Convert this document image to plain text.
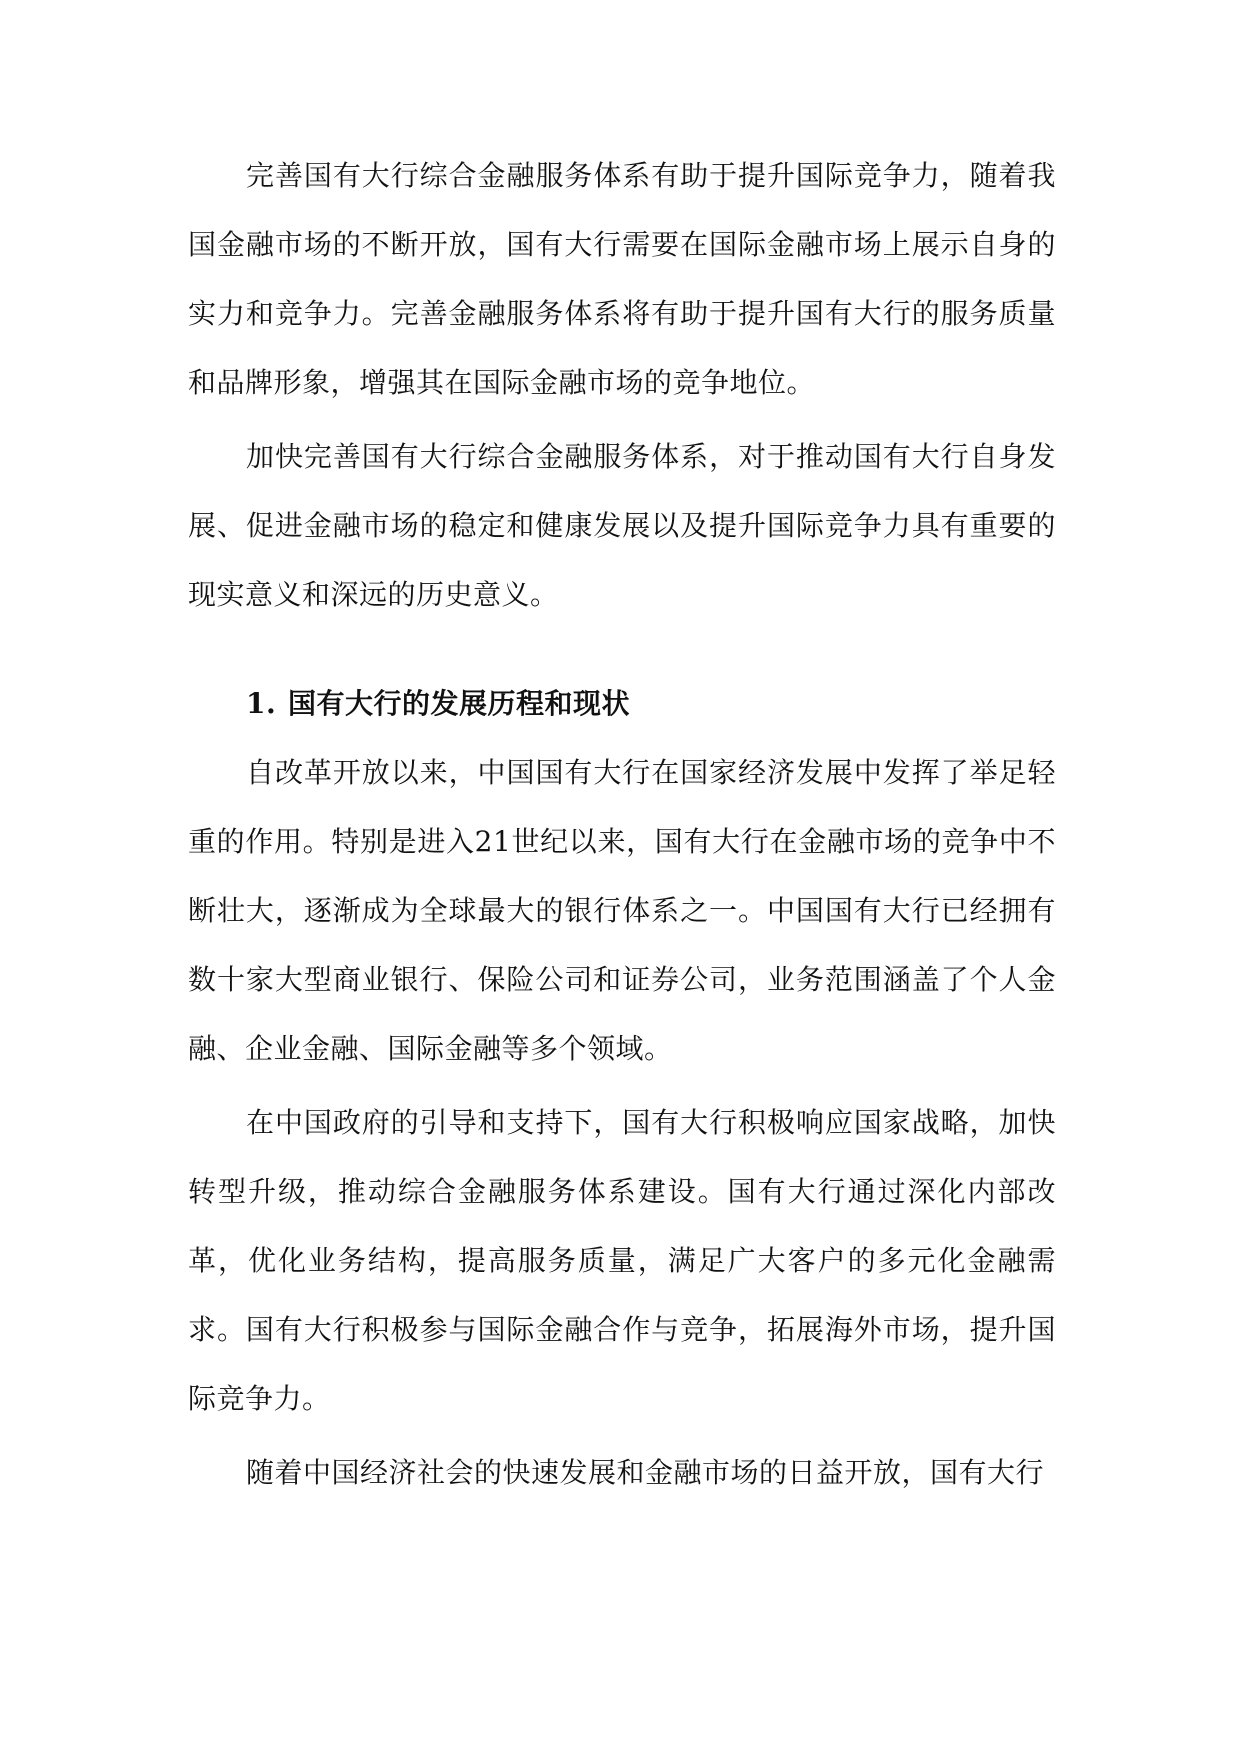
完善国有大行综合金融服务体系有助于提升国际竞争力，随着我国金融市场的不断开放，国有大行需要在国际金融市场上展示自身的实力和竞争力。完善金融服务体系将有助于提升国有大行的服务质量和品牌形象，增强其在国际金融市场的竞争地位。

加快完善国有大行综合金融服务体系，对于推动国有大行自身发展、促进金融市场的稳定和健康发展以及提升国际竞争力具有重要的现实意义和深远的历史意义。

1. 国有大行的发展历程和现状

自改革开放以来，中国国有大行在国家经济发展中发挥了举足轻重的作用。特别是进入21世纪以来，国有大行在金融市场的竞争中不断壮大，逐渐成为全球最大的银行体系之一。中国国有大行已经拥有数十家大型商业银行、保险公司和证券公司，业务范围涵盖了个人金融、企业金融、国际金融等多个领域。

在中国政府的引导和支持下，国有大行积极响应国家战略，加快转型升级，推动综合金融服务体系建设。国有大行通过深化内部改革，优化业务结构，提高服务质量，满足广大客户的多元化金融需求。国有大行积极参与国际金融合作与竞争，拓展海外市场，提升国际竞争力。

随着中国经济社会的快速发展和金融市场的日益开放，国有大行
